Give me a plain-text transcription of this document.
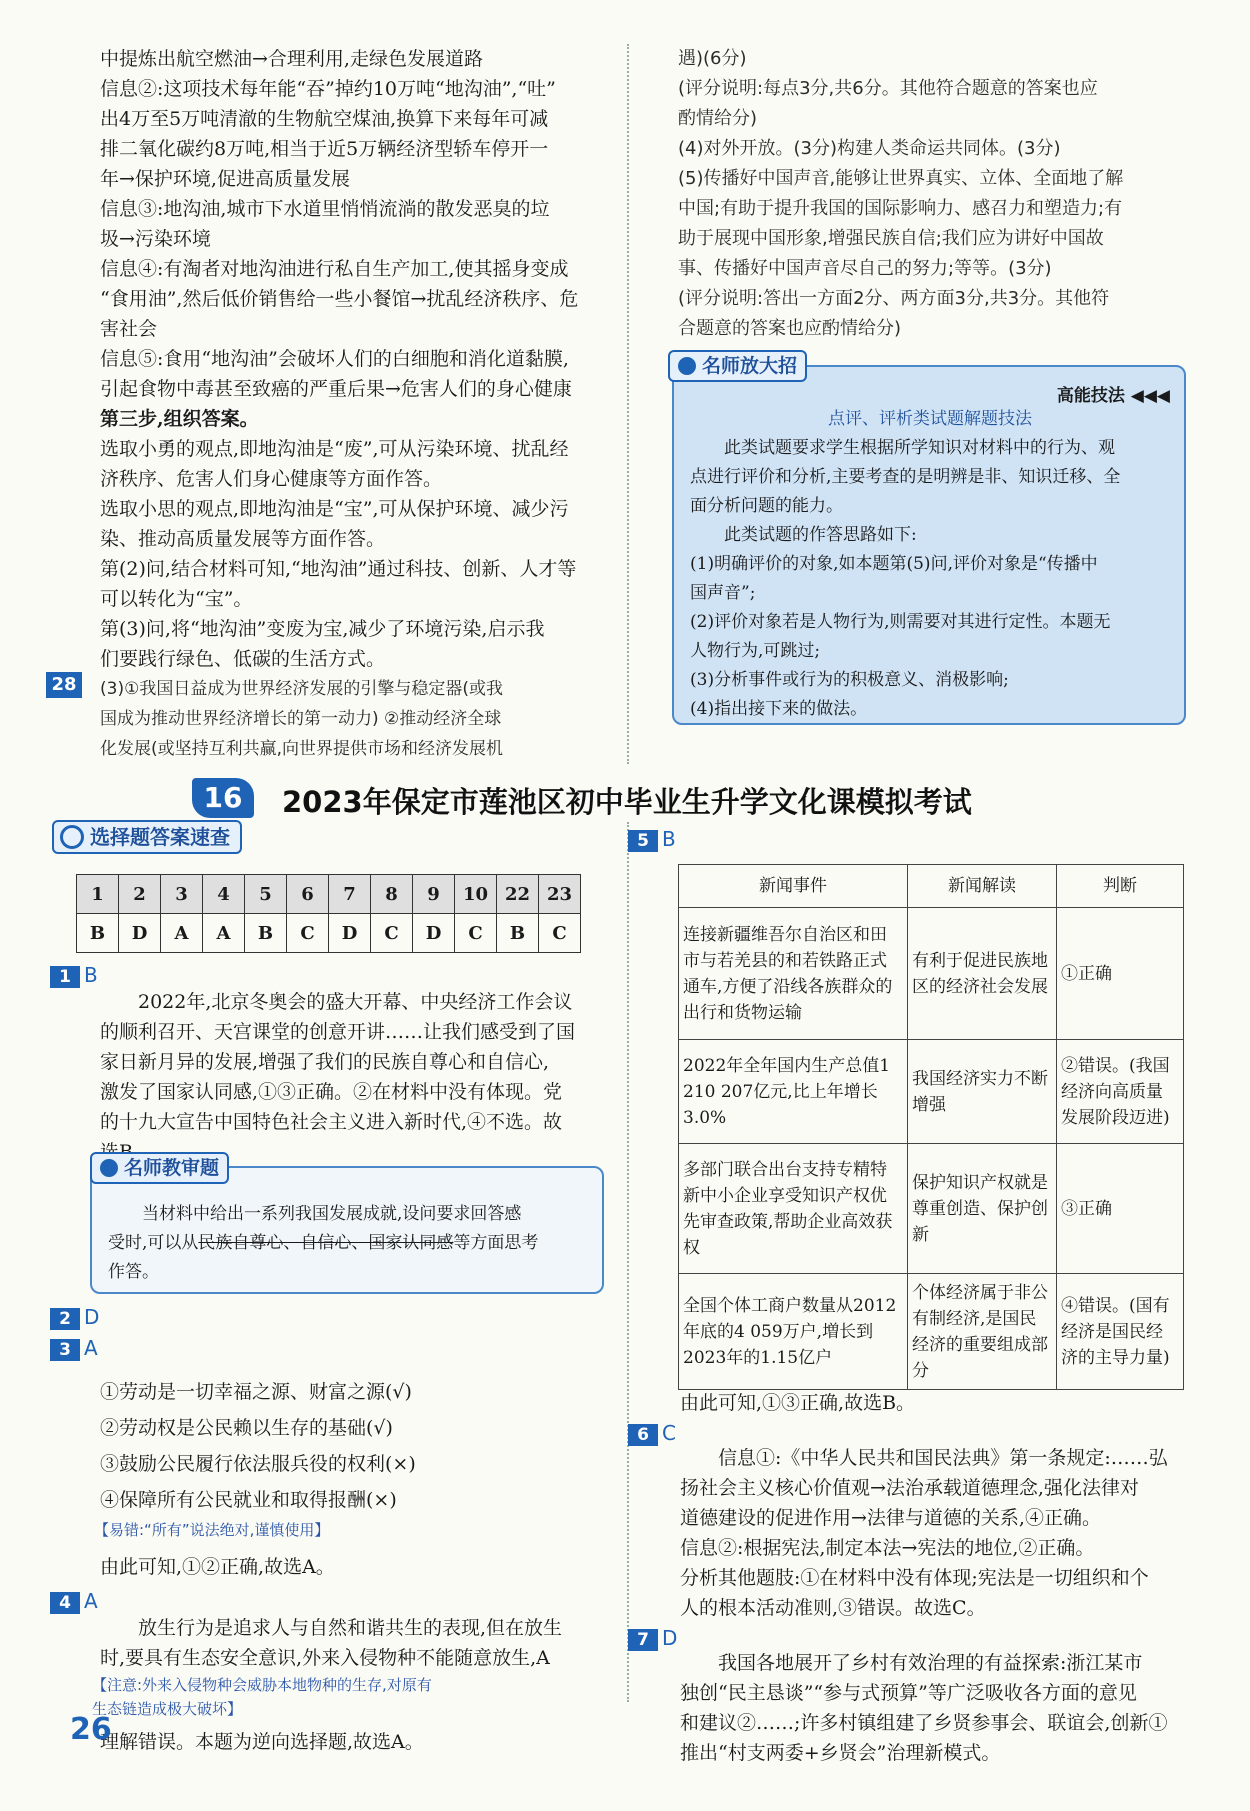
中提炼出航空燃油→合理利用,走绿色发展道路

信息②:这项技术每年能“吞”掉约10万吨“地沟油”,“吐”

出4万至5万吨清澈的生物航空煤油,换算下来每年可减

排二氧化碳约8万吨,相当于近5万辆经济型轿车停开一

年→保护环境,促进高质量发展

信息③:地沟油,城市下水道里悄悄流淌的散发恶臭的垃

圾→污染环境

信息④:有淘者对地沟油进行私自生产加工,使其摇身变成

“食用油”,然后低价销售给一些小餐馆→扰乱经济秩序、危

害社会

信息⑤:食用“地沟油”会破坏人们的白细胞和消化道黏膜,

引起食物中毒甚至致癌的严重后果→危害人们的身心健康

第三步,组织答案。

选取小勇的观点,即地沟油是“废”,可从污染环境、扰乱经

济秩序、危害人们身心健康等方面作答。

选取小思的观点,即地沟油是“宝”,可从保护环境、减少污

染、推动高质量发展等方面作答。

第(2)问,结合材料可知,“地沟油”通过科技、创新、人才等

可以转化为“宝”。

第(3)问,将“地沟油”变废为宝,减少了环境污染,启示我

们要践行绿色、低碳的生活方式。

(3)①我国日益成为世界经济发展的引擎与稳定器(或我

国成为推动世界经济增长的第一动力) ②推动经济全球

化发展(或坚持互利共赢,向世界提供市场和经济发展机

28

遇)(6分)

(评分说明:每点3分,共6分。其他符合题意的答案也应

酌情给分)

(4)对外开放。(3分)构建人类命运共同体。(3分)

(5)传播好中国声音,能够让世界真实、立体、全面地了解

中国;有助于提升我国的国际影响力、感召力和塑造力;有

助于展现中国形象,增强民族自信;我们应为讲好中国故

事、传播好中国声音尽自己的努力;等等。(3分)

(评分说明:答出一方面2分、两方面3分,共3分。其他符

合题意的答案也应酌情给分)

名师放大招

高能技法 ◀◀◀

点评、评析类试题解题技法

此类试题要求学生根据所学知识对材料中的行为、观

点进行评价和分析,主要考查的是明辨是非、知识迁移、全

面分析问题的能力。

此类试题的作答思路如下:

(1)明确评价的对象,如本题第(5)问,评价对象是“传播中

国声音”;

(2)评价对象若是人物行为,则需要对其进行定性。本题无

人物行为,可跳过;

(3)分析事件或行为的积极意义、消极影响;

(4)指出接下来的做法。

16	2023年保定市莲池区初中毕业生升学文化课模拟考试
选择题答案速查
1	2	3	4	5	6	7	8	9	10	22	23
B	D	A	A	B	C	D	C	D	C	B	C

1 B

2022年,北京冬奥会的盛大开幕、中央经济工作会议

的顺利召开、天宫课堂的创意开讲……让我们感受到了国

家日新月异的发展,增强了我们的民族自尊心和自信心,

激发了国家认同感,①③正确。②在材料中没有体现。党

的十九大宣告中国特色社会主义进入新时代,④不选。故

名师教审题

当材料中给出一系列我国发展成就,设问要求回答感

受时,可以从民族自尊心、自信心、国家认同感等方面思考

作答。

2 D

3 A

①劳动是一切幸福之源、财富之源(√)

②劳动权是公民赖以生存的基础(√)

③鼓励公民履行依法服兵役的权利(×)

④保障所有公民就业和取得报酬(×)

【易错:“所有”说法绝对,谨慎使用】

由此可知,①②正确,故选A。

4 A

放生行为是追求人与自然和谐共生的表现,但在放生

时,要具有生态安全意识,外来入侵物种不能随意放生,A

【注意:外来入侵物种会威胁本地物种的生存,对原有

生态链造成极大破坏】

理解错误。本题为逆向选择题,故选A。

5 B

新闻事件	新闻解读	判断
连接新疆维吾尔自治区和田市与若羌县的和若铁路正式通车,方便了沿线各族群众的出行和货物运输	有利于促进民族地区的经济社会发展	①正确
2022年全年国内生产总值1 210 207亿元,比上年增长3.0%	我国经济实力不断增强	②错误。(我国经济向高质量发展阶段迈进)
多部门联合出台支持专精特新中小企业享受知识产权优先审查政策,帮助企业高效获权	保护知识产权就是尊重创造、保护创新	③正确
全国个体工商户数量从2012年底的4 059万户,増长到2023年的1.15亿户	个体经济属于非公有制经济,是国民经济的重要组成部分	④错误。(国有经济是国民经济的主导力量)

由此可知,①③正确,故选B。

6 C

信息①:《中华人民共和国民法典》第一条规定:……弘

扬社会主义核心价值观→法治承载道德理念,强化法律对

道德建设的促进作用→法律与道德的关系,④正确。

信息②:根据宪法,制定本法→宪法的地位,②正确。

分析其他题肢:①在材料中没有体现;宪法是一切组织和个

人的根本活动准则,③错误。故选C。

7 D

我国各地展开了乡村有效治理的有益探索:浙江某市

独创“民主恳谈”“参与式预算”等广泛吸收各方面的意见

和建议②……;许多村镇组建了乡贤参事会、联谊会,创新①

推出“村支两委+乡贤会”治理新模式。

26
